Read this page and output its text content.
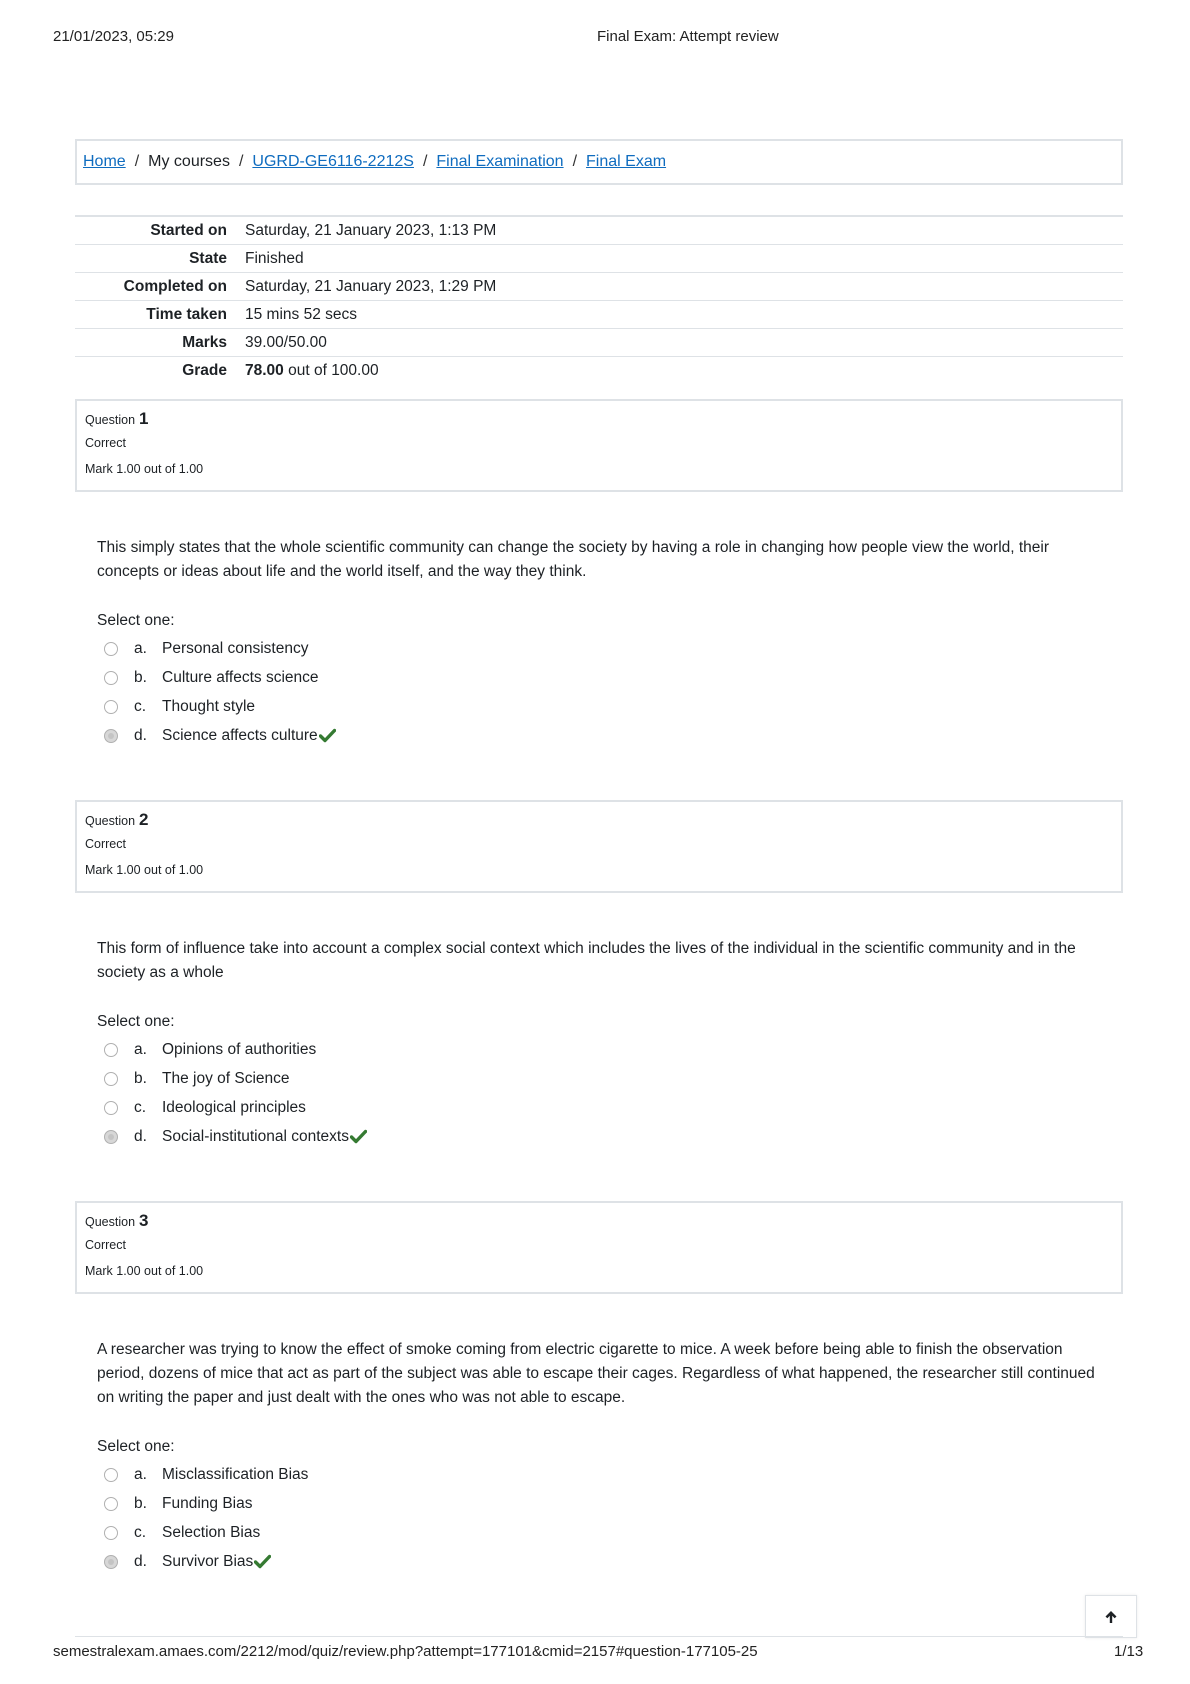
21/01/2023, 05:29	Final Exam: Attempt review
Home / My courses / UGRD-GE6116-2212S / Final Examination / Final Exam
Started on	Saturday, 21 January 2023, 1:13 PM
State	Finished
Completed on	Saturday, 21 January 2023, 1:29 PM
Time taken	15 mins 52 secs
Marks	39.00/50.00
Grade	78.00 out of 100.00
Question 1
Correct
Mark 1.00 out of 1.00
This simply states that the whole scientific community can change the society by having a role in changing how people view the world, their concepts or ideas about life and the world itself, and the way they think.
Select one:
a. Personal consistency
b. Culture affects science
c.	Thought style
d. Science affects culture
Question 2
Correct
Mark 1.00 out of 1.00
This form of influence take into account a complex social context which includes the lives of the individual in the scientific community and in the society as a whole
Select one:
a. Opinions of authorities
b. The joy of Science
c.	Ideological principles
d. Social-institutional contexts
Question 3
Correct
Mark 1.00 out of 1.00
A researcher was trying to know the effect of smoke coming from electric cigarette to mice. A week before being able to finish the observation period, dozens of mice that act as part of the subject was able to escape their cages. Regardless of what happened, the researcher still continued on writing the paper and just dealt with the ones who was not able to escape.
Select one:
a. Misclassification Bias
b. Funding Bias
c.	Selection Bias
d. Survivor Bias
semestralexam.amaes.com/2212/mod/quiz/review.php?attempt=177101&cmid=2157#question-177105-25	1/13
